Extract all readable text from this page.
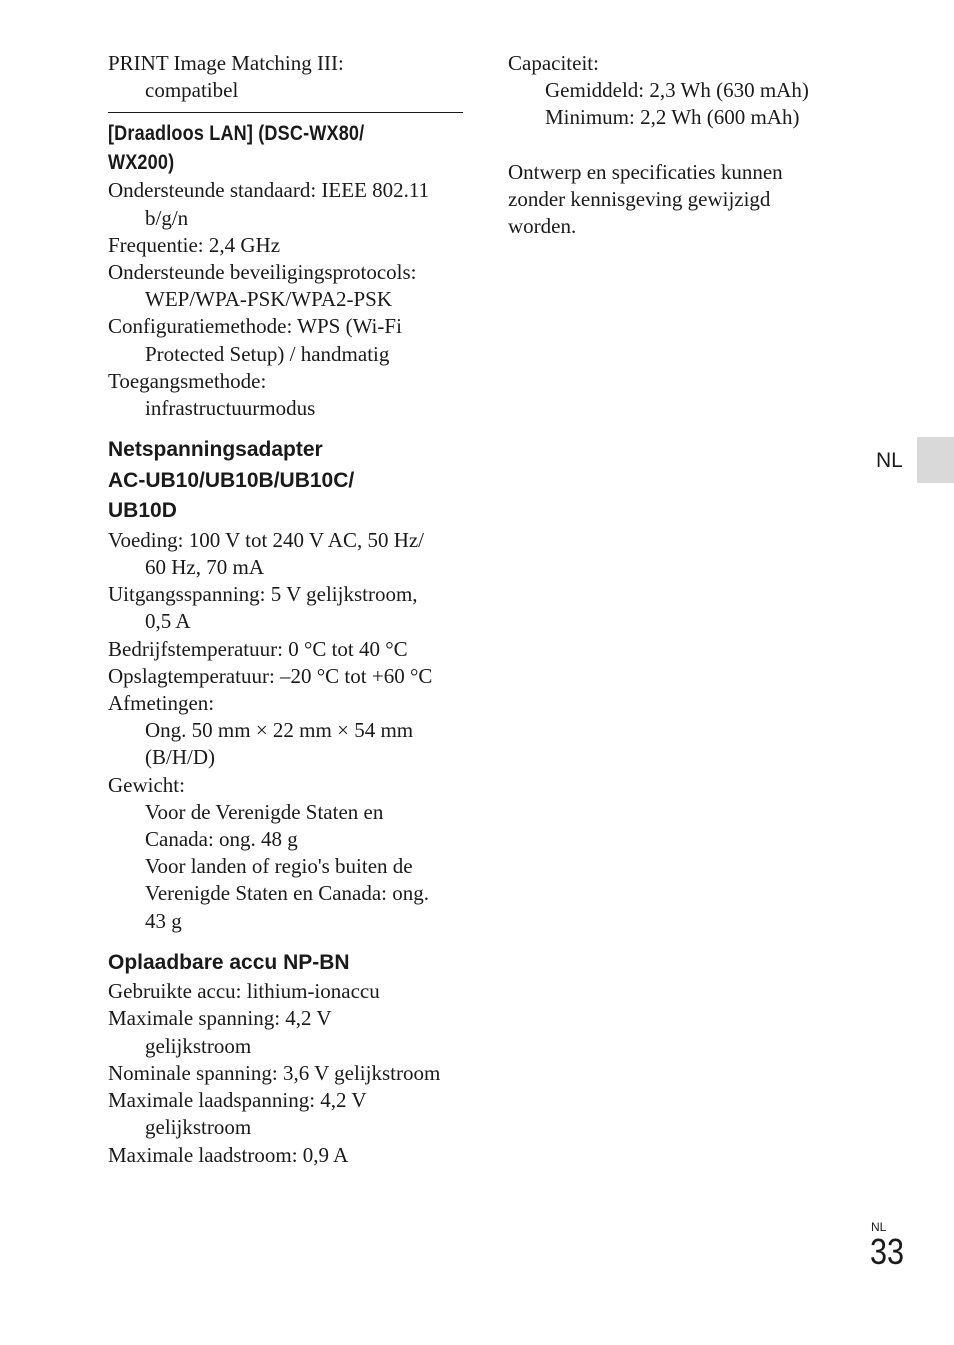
PRINT Image Matching III:
compatibel
[Draadloos LAN] (DSC-WX80/
WX200)
Ondersteunde standaard: IEEE 802.11
b/g/n
Frequentie: 2,4 GHz
Ondersteunde beveiligingsprotocols:
WEP/WPA-PSK/WPA2-PSK
Configuratiemethode: WPS (Wi-Fi
Protected Setup) / handmatig
Toegangsmethode:
infrastructuurmodus
Netspanningsadapter
AC-UB10/UB10B/UB10C/
UB10D
Voeding: 100 V tot 240 V AC, 50 Hz/
60 Hz, 70 mA
Uitgangsspanning: 5 V gelijkstroom,
0,5 A
Bedrijfstemperatuur: 0 °C tot 40 °C
Opslagtemperatuur: –20 °C tot +60 °C
Afmetingen:
Ong. 50 mm × 22 mm × 54 mm
(B/H/D)
Gewicht:
Voor de Verenigde Staten en
Canada: ong. 48 g
Voor landen of regio's buiten de
Verenigde Staten en Canada: ong.
43 g
Oplaadbare accu NP-BN
Gebruikte accu: lithium-ionaccu
Maximale spanning: 4,2 V
gelijkstroom
Nominale spanning: 3,6 V gelijkstroom
Maximale laadspanning: 4,2 V
gelijkstroom
Maximale laadstroom: 0,9 A
Capaciteit:
Gemiddeld: 2,3 Wh (630 mAh)
Minimum: 2,2 Wh (600 mAh)
Ontwerp en specificaties kunnen
zonder kennisgeving gewijzigd
worden.
NL
NL
33
